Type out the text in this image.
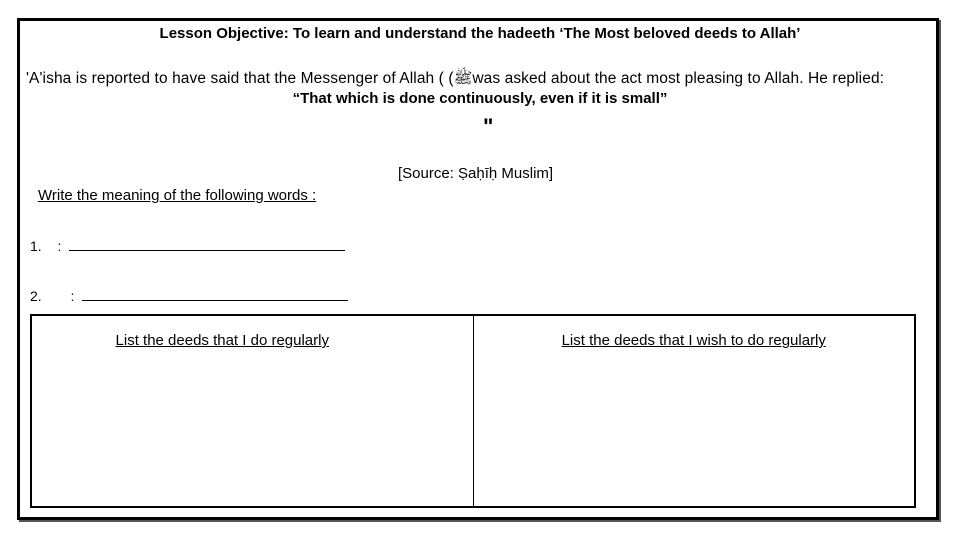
Lesson Objective: To learn and understand the hadeeth ‘The Most beloved deeds to Allah’
'A'isha is reported to have said that the Messenger of Allah ( (ﷺwas asked about the act most pleasing to Allah. He replied:
“That which is done continuously, even if it is small”
"
[Source: Ṣaḥīḥ Muslim]
Write the meaning of the following words :
1. :
2. :
List the deeds that I do regularly	List the deeds that I wish to do regularly
